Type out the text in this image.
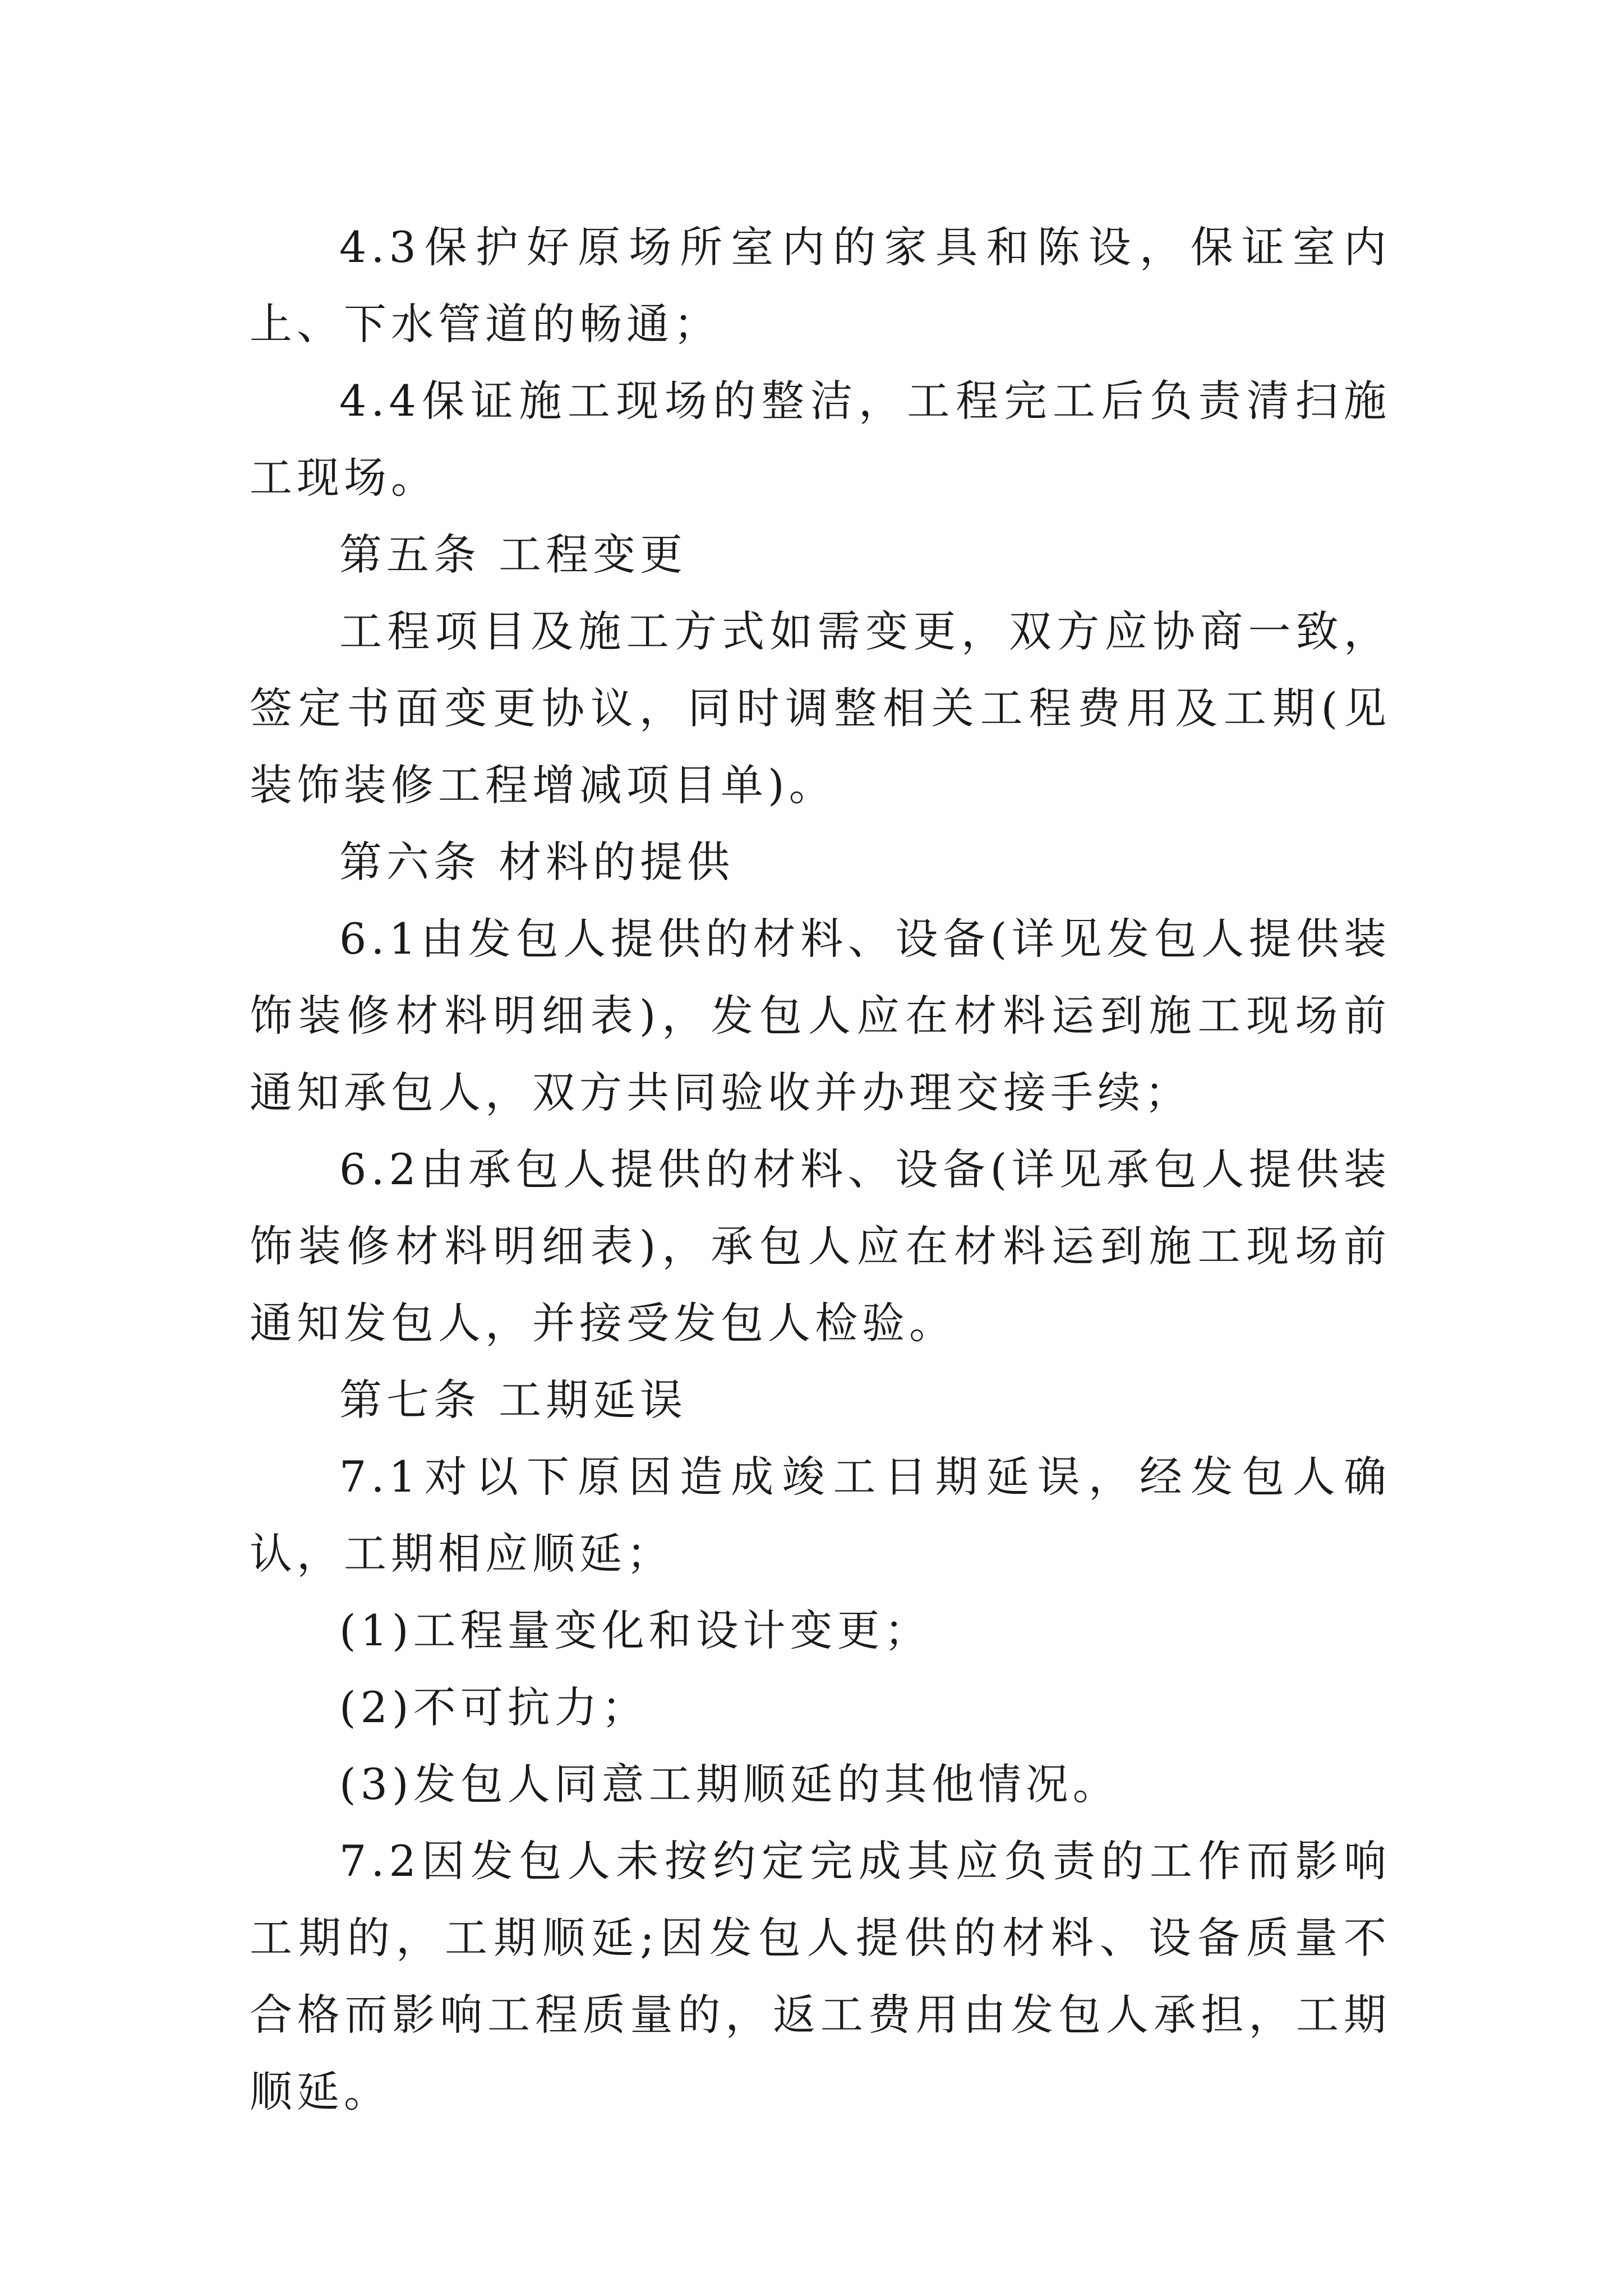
4.3保护好原场所室内的家具和陈设，保证室内上、下水管道的畅通；

4.4保证施工现场的整洁，工程完工后负责清扫施工现场。

第五条 工程变更

工程项目及施工方式如需变更，双方应协商一致，签定书面变更协议，同时调整相关工程费用及工期(见装饰装修工程增减项目单)。

第六条 材料的提供

6.1由发包人提供的材料、设备(详见发包人提供装饰装修材料明细表)，发包人应在材料运到施工现场前通知承包人，双方共同验收并办理交接手续；

6.2由承包人提供的材料、设备(详见承包人提供装饰装修材料明细表)，承包人应在材料运到施工现场前通知发包人，并接受发包人检验。

第七条 工期延误

7.1对以下原因造成竣工日期延误，经发包人确认，工期相应顺延；

(1)工程量变化和设计变更；

(2)不可抗力；

(3)发包人同意工期顺延的其他情况。

7.2因发包人未按约定完成其应负责的工作而影响工期的，工期顺延;因发包人提供的材料、设备质量不合格而影响工程质量的，返工费用由发包人承担，工期顺延。
